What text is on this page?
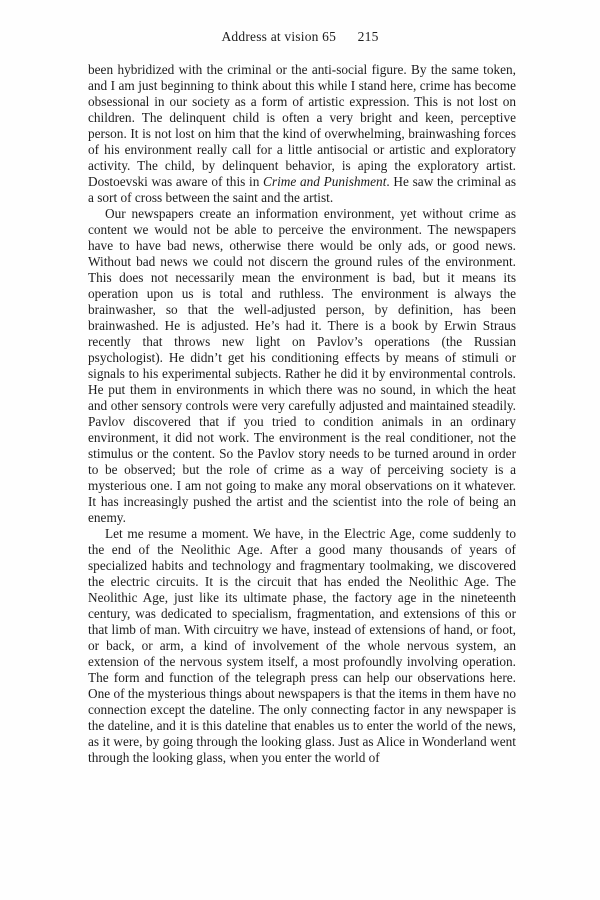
Address at vision 65 215

been hybridized with the criminal or the anti-social figure. By the same token, and I am just beginning to think about this while I stand here, crime has become obsessional in our society as a form of artistic expression. This is not lost on children. The delinquent child is often a very bright and keen, perceptive person. It is not lost on him that the kind of overwhelming, brainwashing forces of his environment really call for a little antisocial or artistic and exploratory activity. The child, by delinquent behavior, is aping the exploratory artist. Dostoevski was aware of this in Crime and Punishment. He saw the criminal as a sort of cross between the saint and the artist.

Our newspapers create an information environment, yet without crime as content we would not be able to perceive the environment. The newspapers have to have bad news, otherwise there would be only ads, or good news. Without bad news we could not discern the ground rules of the environment. This does not necessarily mean the environment is bad, but it means its operation upon us is total and ruthless. The environment is always the brainwasher, so that the well-adjusted person, by definition, has been brainwashed. He is adjusted. He’s had it. There is a book by Erwin Straus recently that throws new light on Pavlov’s operations (the Russian psychologist). He didn’t get his conditioning effects by means of stimuli or signals to his experimental subjects. Rather he did it by environmental controls. He put them in environments in which there was no sound, in which the heat and other sensory controls were very carefully adjusted and maintained steadily. Pavlov discovered that if you tried to condition animals in an ordinary environment, it did not work. The environment is the real conditioner, not the stimulus or the content. So the Pavlov story needs to be turned around in order to be observed; but the role of crime as a way of perceiving society is a mysterious one. I am not going to make any moral observations on it whatever. It has increasingly pushed the artist and the scientist into the role of being an enemy.

Let me resume a moment. We have, in the Electric Age, come suddenly to the end of the Neolithic Age. After a good many thousands of years of specialized habits and technology and fragmentary toolmaking, we discovered the electric circuits. It is the circuit that has ended the Neolithic Age. The Neolithic Age, just like its ultimate phase, the factory age in the nineteenth century, was dedicated to specialism, fragmentation, and extensions of this or that limb of man. With circuitry we have, instead of extensions of hand, or foot, or back, or arm, a kind of involvement of the whole nervous system, an extension of the nervous system itself, a most profoundly involving operation. The form and function of the telegraph press can help our observations here. One of the mysterious things about newspapers is that the items in them have no connection except the dateline. The only connecting factor in any newspaper is the dateline, and it is this dateline that enables us to enter the world of the news, as it were, by going through the looking glass. Just as Alice in Wonderland went through the looking glass, when you enter the world of
